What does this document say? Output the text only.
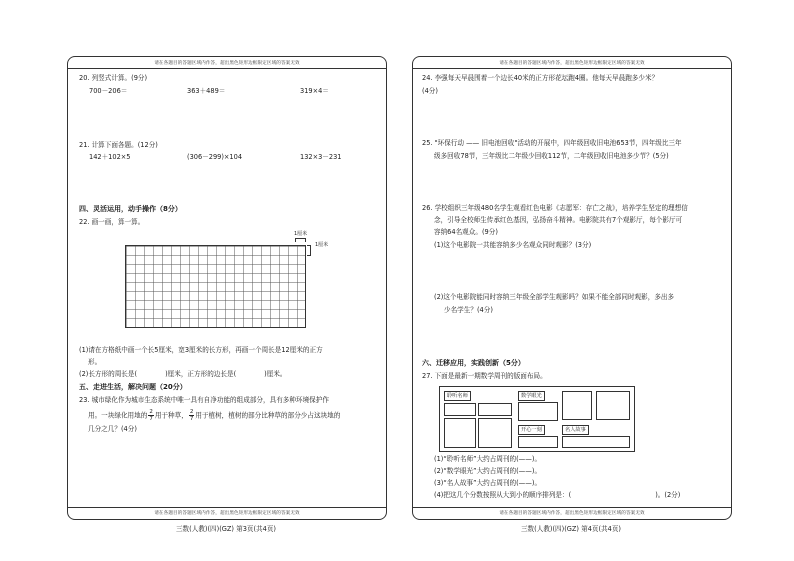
请在各题目的答题区域内作答，超出黑色矩形边框限定区域的答案无效
20. 列竖式计算。(9分)
700－206＝	363＋489＝	319×4＝
21. 计算下面各题。(12分)
142＋102×5	(306－299)×104	132×3－231
四、灵活运用，动手操作（8分）
22. 画一画，算一算。
1厘米
1厘米
(1)请在方格纸中画一个长5厘米，宽3厘米的长方形，再画一个周长是12厘米的正方
形。
(2)长方形的周长是(	)厘米，正方形的边长是(	)厘米。
五、走进生活，解决问题（20分）
23. 城市绿化作为城市生态系统中唯一具有自净功能的组成部分，具有多种环境保护作
用。一块绿化用地的 $\frac{2}{7}$ 用于种草， $\frac{2}{7}$ 用于植树，植树的部分比种草的部分少占这块地的
几分之几？(4分)
请在各题目的答题区域内作答，超出黑色矩形边框限定区域的答案无效
三数(人教)(四)(GZ) 第3页(共4页)
请在各题目的答题区域内作答，超出黑色矩形边框限定区域的答案无效
24. 李强每天早晨围着一个边长40米的正方形花坛跑4圈。他每天早晨跑多少米？
(4分)
25. "环保行动 —— 旧电池回收"活动的开展中，四年级回收旧电池653节，四年级比三年
级多回收78节，三年级比二年级少回收112节，二年级回收旧电池多少节？(5分)
26. 学校组织三年级480名学生观看红色电影《志愿军：存亡之战》，培养学生坚定的理想信
念，引导全校师生传承红色基因，弘扬奋斗精神。电影院共有7个观影厅，每个影厅可
容纳64名观众。(9分)
(1)这个电影院一共能容纳多少名观众同时观影？(3分)
(2)这个电影院能同时容纳三年级全部学生观影吗？如果不能全部同时观影，多出多
少名学生？(4分)
六、迁移应用，实践创新（5分）
27. 下面是最新一期数学周刊的版面布局。
聆听名师	数学眼光
开心一刻	名人故事
(1)“聆听名师”大约占周刊的(——)。
(2)“数学眼光”大约占周刊的(——)。
(3)“名人故事”大约占周刊的(——)。
(4)把这几个分数按照从大到小的顺序排列是：(	)。(2分)
请在各题目的答题区域内作答，超出黑色矩形边框限定区域的答案无效
三数(人教)(四)(GZ) 第4页(共4页)
